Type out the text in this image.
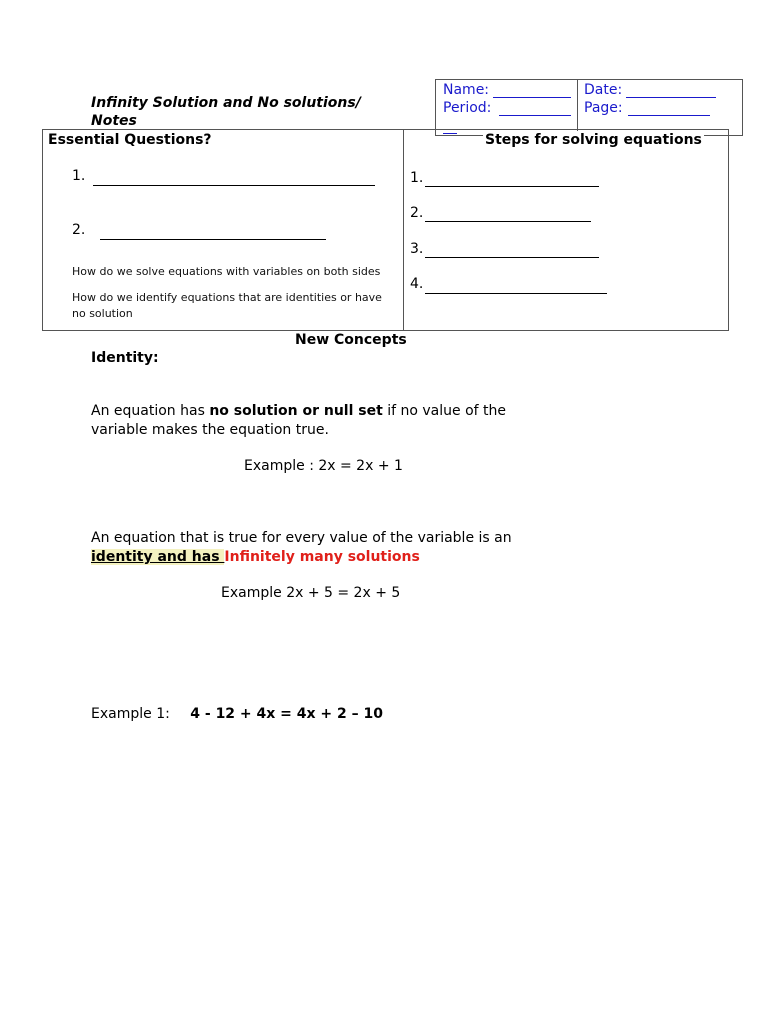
Infinity Solution and No solutions/
Notes
Name:	Date:
Period:	Page:
Essential Questions?	Steps for solving equations
1.
2.
How do we solve equations with variables on both sides
How do we identify equations that are identities or have no solution
1.
2.
3.
4.
New Concepts
Identity:
An equation has no solution or null set if no value of the
variable makes the equation true.
Example : 2x = 2x + 1
An equation that is true for every value of the variable is an
identity and has Infinitely many solutions
Example 2x + 5 = 2x + 5
Example 1: 4 - 12 + 4x = 4x + 2 – 10
